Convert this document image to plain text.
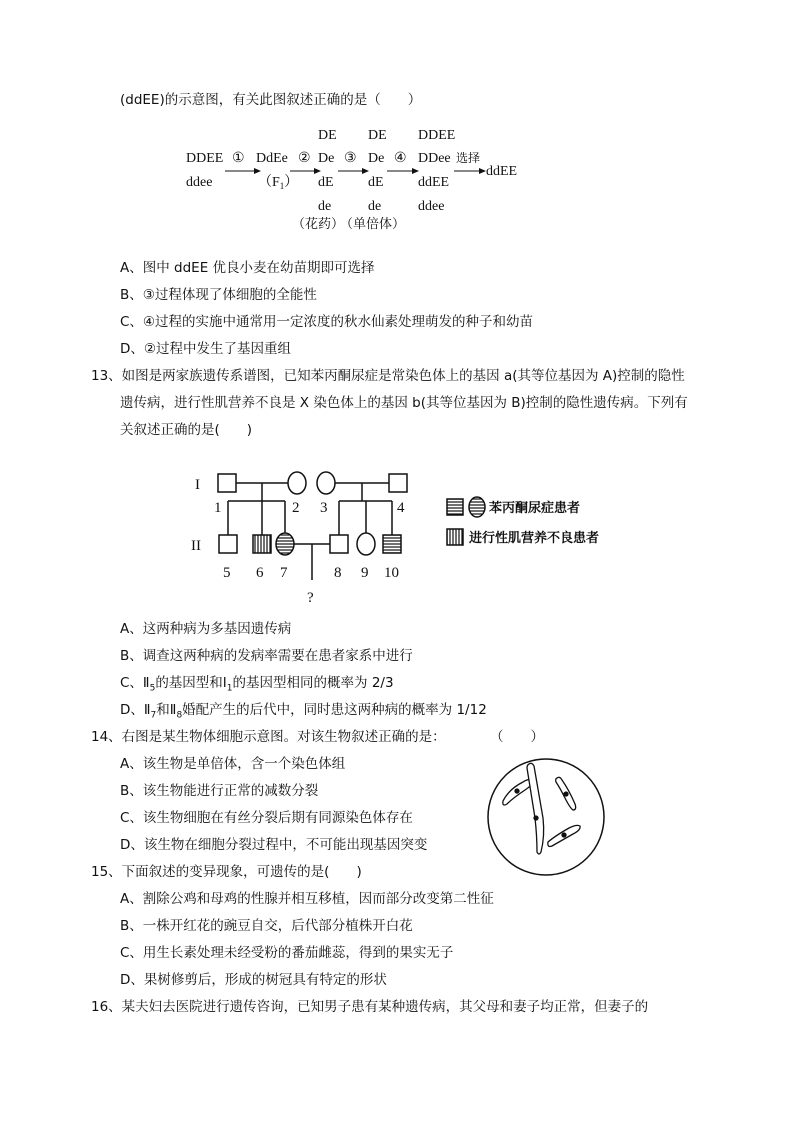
(ddEE)的示意图，有关此图叙述正确的是（　　）
DDEE
ddee
① DdEe
$(F_1)$
②
DE
De
dE
de
③
DE
De
dE
de
④
DDEE
DDee
ddEE
ddee
选择
ddEE
（花药）
（单倍体）
A、图中 ddEE 优良小麦在幼苗期即可选择
B、③过程体现了体细胞的全能性
C、④过程的实施中通常用一定浓度的秋水仙素处理萌发的种子和幼苗
D、②过程中发生了基因重组
13、如图是两家族遗传系谱图，已知苯丙酮尿症是常染色体上的基因 a(其等位基因为 A)控制的隐性
遗传病，进行性肌营养不良是 X 染色体上的基因 b(其等位基因为 B)控制的隐性遗传病。下列有
关叙述正确的是(　　)
I
II
1	2 3	4
5 6 7	8 9 10
?
苯丙酮尿症患者
进行性肌营养不良患者
A、这两种病为多基因遗传病
B、调查这两种病的发病率需要在患者家系中进行
C、$Ⅱ_5$的基因型和$Ⅰ_1$的基因型相同的概率为 2/3
D、$Ⅱ_7$和$Ⅱ_8$婚配产生的后代中，同时患这两种病的概率为 1/12
14、右图是某生物体细胞示意图。对该生物叙述正确的是：	（　　）
A、该生物是单倍体，含一个染色体组
B、该生物能进行正常的减数分裂
C、该生物细胞在有丝分裂后期有同源染色体存在
D、该生物在细胞分裂过程中，不可能出现基因突变
15、下面叙述的变异现象，可遗传的是(　　)
A、割除公鸡和母鸡的性腺并相互移植，因而部分改变第二性征
B、一株开红花的豌豆自交，后代部分植株开白花
C、用生长素处理未经受粉的番茄雌蕊，得到的果实无子
D、果树修剪后，形成的树冠具有特定的形状
16、某夫妇去医院进行遗传咨询，已知男子患有某种遗传病，其父母和妻子均正常，但妻子的
